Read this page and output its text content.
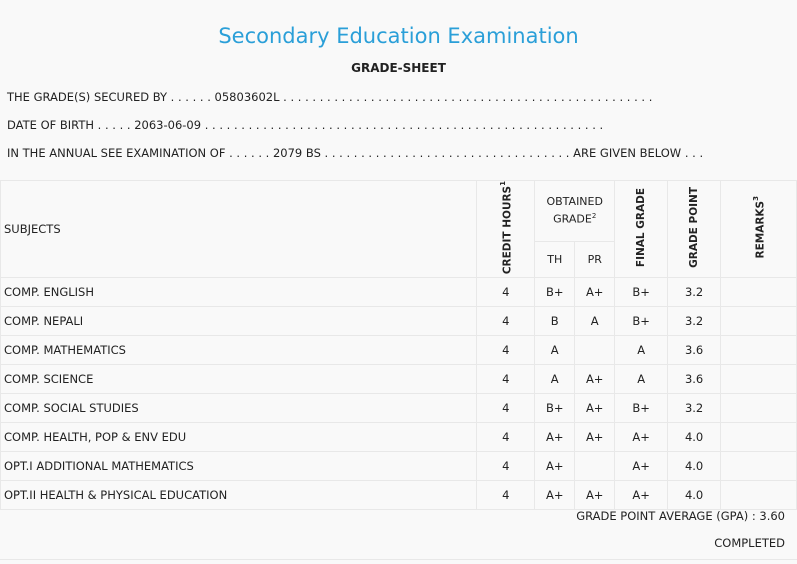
Secondary Education Examination
GRADE-SHEET
THE GRADE(S) SECURED BY . . . . . . 05803602L . . . . . . . . . . . . . . . . . . . . . . . . . . . . . . . . . . . . . . . . . . . . . . . . . . .
DATE OF BIRTH . . . . . 2063-06-09 . . . . . . . . . . . . . . . . . . . . . . . . . . . . . . . . . . . . . . . . . . . . . . . . . . . . . . .
IN THE ANNUAL SEE EXAMINATION OF . . . . . . 2079 BS . . . . . . . . . . . . . . . . . . . . . . . . . . . . . . . . . . ARE GIVEN BELOW . . .
SUBJECTS	CREDIT HOURS$^1$	OBTAINED GRADE$^2$		FINAL GRADE	GRADE POINT	REMARKS$^3$
		TH	PR			
COMP. ENGLISH	4	B+	A+	B+	3.2	
COMP. NEPALI	4	B	A	B+	3.2	
COMP. MATHEMATICS	4	A		A	3.6	
COMP. SCIENCE	4	A	A+	A	3.6	
COMP. SOCIAL STUDIES	4	B+	A+	B+	3.2	
COMP. HEALTH, POP & ENV EDU	4	A+	A+	A+	4.0	
OPT.I ADDITIONAL MATHEMATICS	4	A+		A+	4.0	
OPT.II HEALTH & PHYSICAL EDUCATION	4	A+	A+	A+	4.0	
GRADE POINT AVERAGE (GPA) : 3.60
COMPLETED
